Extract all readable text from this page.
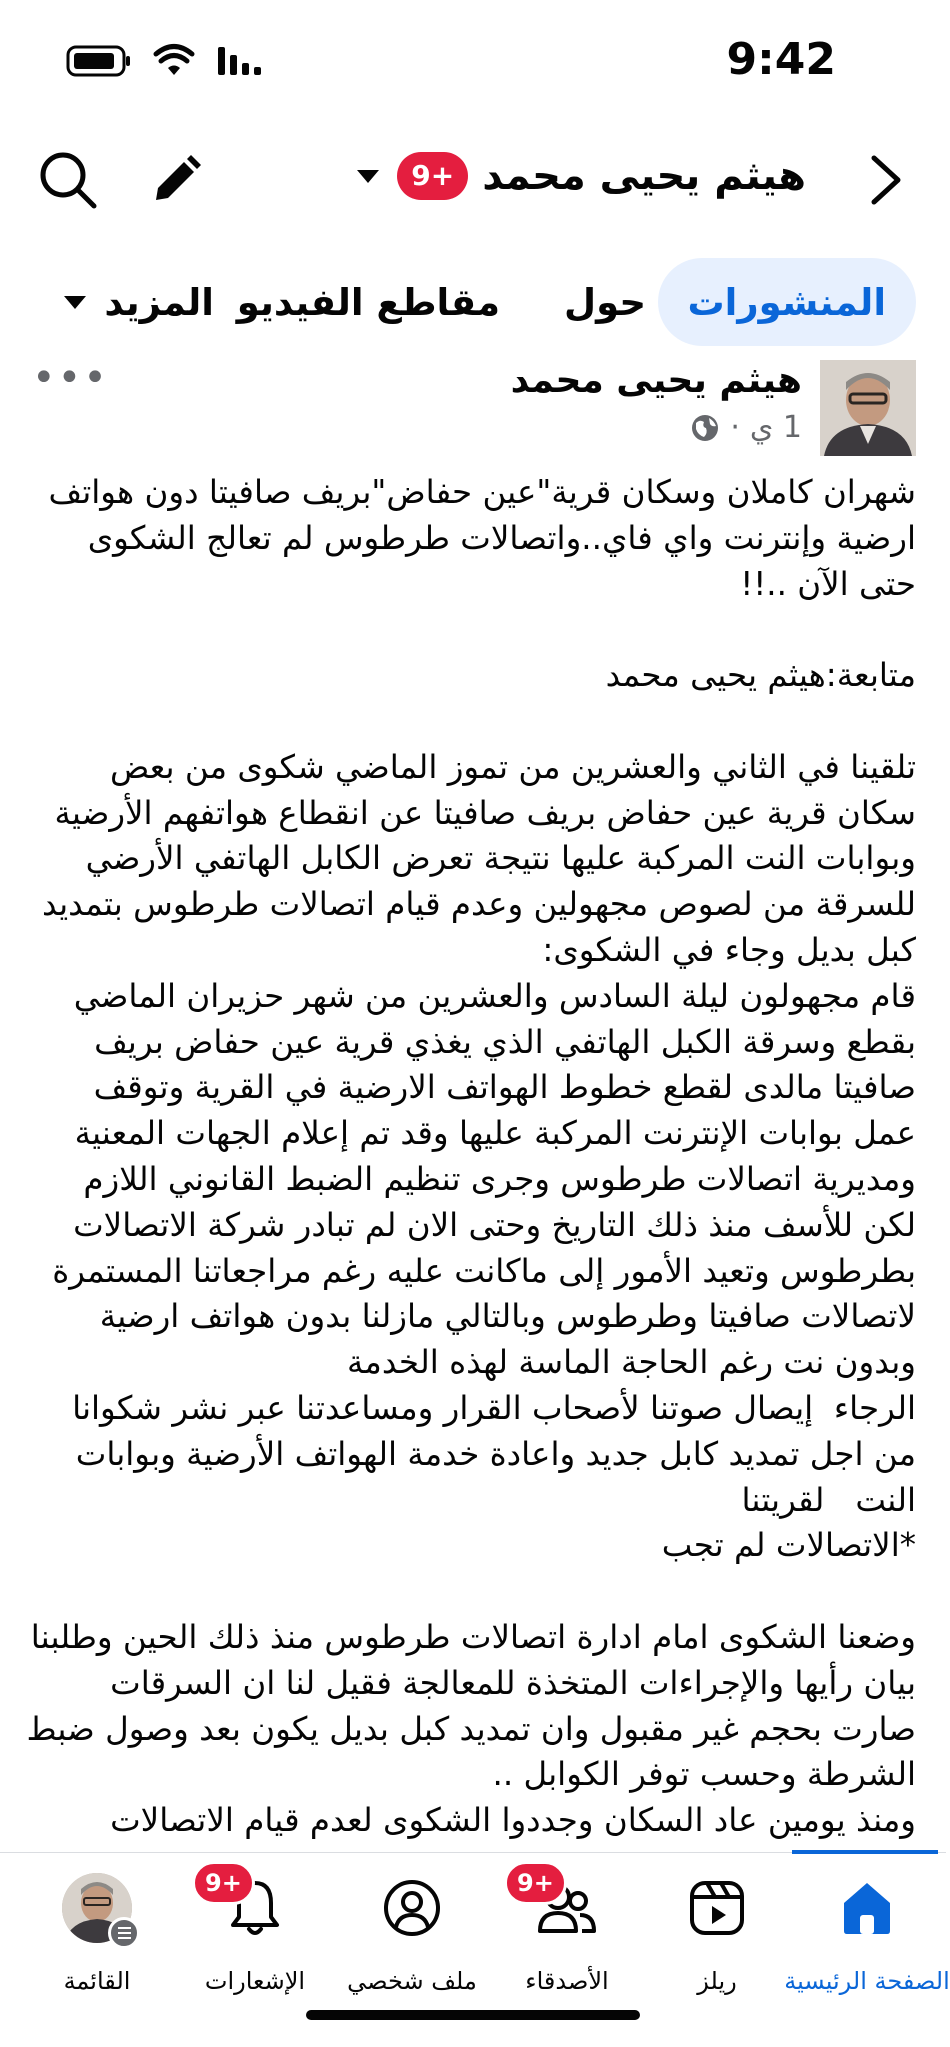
9:42
هيثم يحيى محمد
9+
المنشورات
حول
مقاطع الفيديو
المزيد
هيثم يحيى محمد
1 ي
·
•••
شهران كاملان وسكان قرية"عين حفاض"بريف صافيتا دون هواتف ارضية وإنترنت واي فاي..واتصالات طرطوس لم تعالج الشكوى حتى الآن ..!!

متابعة:هيثم يحيى محمد

تلقينا في الثاني والعشرين من تموز الماضي شكوى من بعض سكان قرية عين حفاض بريف صافيتا عن انقطاع هواتفهم الأرضية وبوابات النت المركبة عليها نتيجة تعرض الكابل الهاتفي الأرضي للسرقة من لصوص مجهولين وعدم قيام اتصالات طرطوس بتمديد كبل بديل وجاء في الشكوى:
قام مجهولون ليلة السادس والعشرين من شهر حزيران الماضي بقطع وسرقة الكبل الهاتفي الذي يغذي قرية عين حفاض بريف صافيتا مالدى لقطع خطوط الهواتف الارضية في القرية وتوقف عمل بوابات الإنترنت المركبة عليها وقد تم إعلام الجهات المعنية ومديرية اتصالات طرطوس وجرى تنظيم الضبط القانوني اللازم لكن للأسف منذ ذلك التاريخ وحتى الان لم تبادر شركة الاتصالات بطرطوس وتعيد الأمور إلى ماكانت عليه رغم مراجعاتنا المستمرة لاتصالات صافيتا وطرطوس وبالتالي مازلنا بدون هواتف ارضية وبدون نت رغم الحاجة الماسة لهذه الخدمة
الرجاء  إيصال صوتنا لأصحاب القرار ومساعدتنا عبر نشر شكوانا من اجل تمديد كابل جديد واعادة خدمة الهواتف الأرضية وبوابات النت   لقريتنا
*الاتصالات لم تجب

وضعنا الشكوى امام ادارة اتصالات طرطوس منذ ذلك الحين وطلبنا بيان رأيها والإجراءات المتخذة للمعالجة فقيل لنا ان السرقات صارت بحجم غير مقبول وان تمديد كبل بديل يكون بعد وصول ضبط الشرطة وحسب توفر الكوابل ..
ومنذ يومين عاد السكان وجددوا الشكوى لعدم قيام الاتصالات
الصفحة الرئيسية
ريلز
9+
الأصدقاء
ملف شخصي
9+
الإشعارات
القائمة
